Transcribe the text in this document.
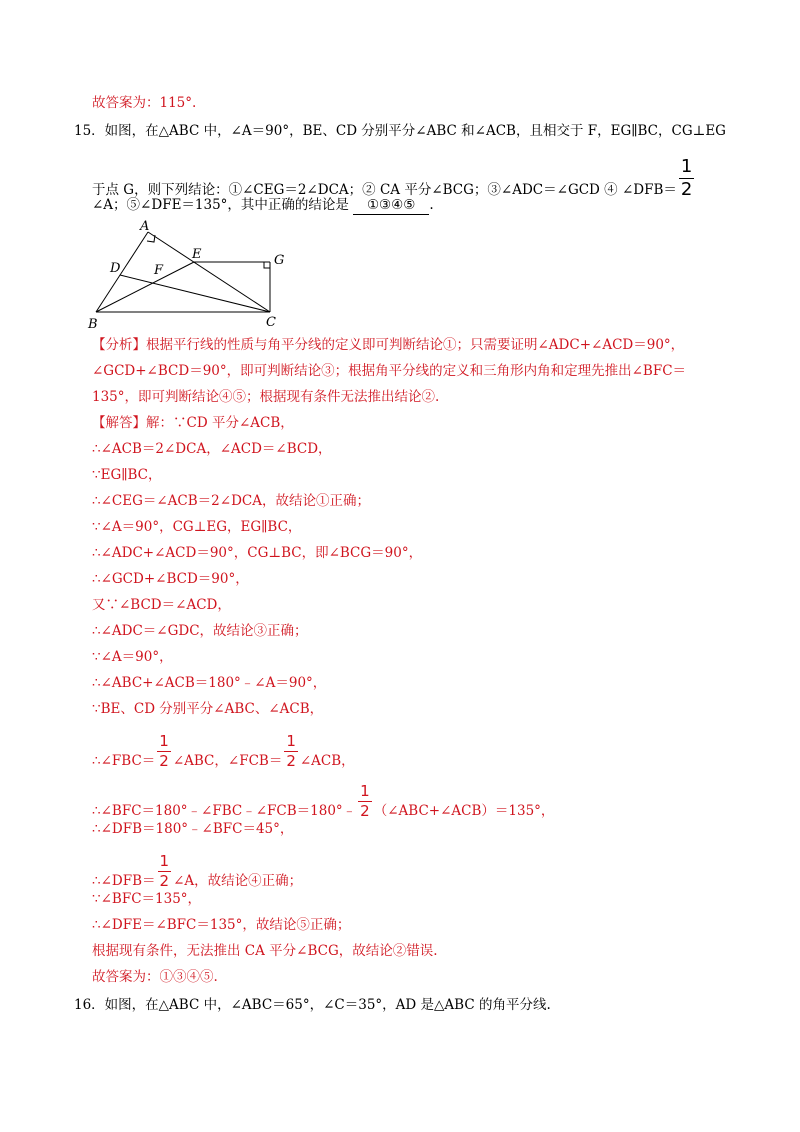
故答案为：115°.
15．如图，在△ABC 中，∠A＝90°，BE、CD 分别平分∠ABC 和∠ACB，且相交于 F，EG∥BC，CG⊥EG
于点 G，则下列结论：①∠CEG＝2∠DCA；② CA 平分∠BCG；③∠ADC＝∠GCD ④ ∠DFB＝ $\frac{1}{2}$
∠A；⑤∠DFE＝135°，其中正确的结论是 ①③④⑤ .
A
B	C
D
E
F
G
【分析】根据平行线的性质与角平分线的定义即可判断结论①；只需要证明∠ADC+∠ACD＝90°，
∠GCD+∠BCD＝90°，即可判断结论③；根据角平分线的定义和三角形内角和定理先推出∠BFC＝
135°，即可判断结论④⑤；根据现有条件无法推出结论②.
【解答】解：∵CD 平分∠ACB，
∴∠ACB＝2∠DCA，∠ACD＝∠BCD，
∵EG∥BC，
∴∠CEG＝∠ACB＝2∠DCA，故结论①正确；
∵∠A＝90°，CG⊥EG，EG∥BC，
∴∠ADC+∠ACD＝90°，CG⊥BC，即∠BCG＝90°，
∴∠GCD+∠BCD＝90°，
又∵∠BCD＝∠ACD，
∴∠ADC＝∠GDC，故结论③正确；
∵∠A＝90°，
∴∠ABC+∠ACB＝180°﹣∠A＝90°，
∵BE、CD 分别平分∠ABC、∠ACB，
∴∠FBC＝ $\frac{1}{2}$ ∠ABC，∠FCB＝ $\frac{1}{2}$ ∠ACB，
∴∠BFC＝180°﹣∠FBC﹣∠FCB＝180°﹣ $\frac{1}{2}$ （∠ABC+∠ACB）＝135°，
∴∠DFB＝180°﹣∠BFC＝45°，
∴∠DFB＝ $\frac{1}{2}$ ∠A，故结论④正确；
∵∠BFC＝135°，
∴∠DFE＝∠BFC＝135°，故结论⑤正确；
根据现有条件，无法推出 CA 平分∠BCG，故结论②错误.
故答案为：①③④⑤.
16．如图，在△ABC 中，∠ABC＝65°，∠C＝35°，AD 是△ABC 的角平分线.
